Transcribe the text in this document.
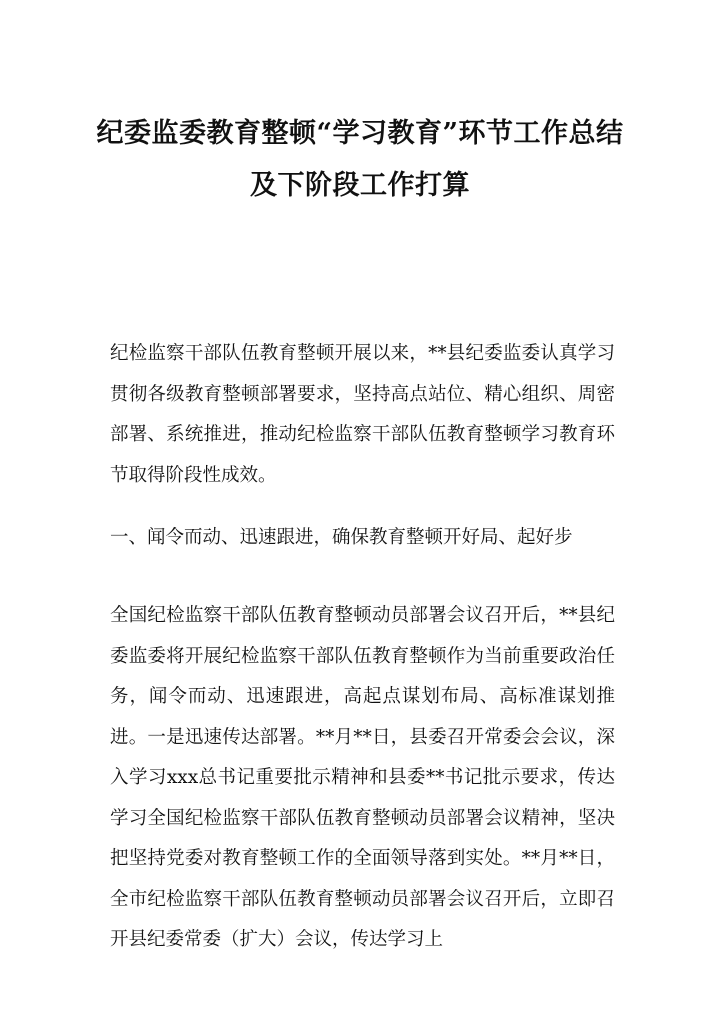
纪委监委教育整顿“学习教育”环节工作总结及下阶段工作打算
纪检监察干部队伍教育整顿开展以来，**县纪委监委认真学习贯彻各级教育整顿部署要求，坚持高点站位、精心组织、周密部署、系统推进，推动纪检监察干部队伍教育整顿学习教育环节取得阶段性成效。
一、闻令而动、迅速跟进，确保教育整顿开好局、起好步
全国纪检监察干部队伍教育整顿动员部署会议召开后，**县纪委监委将开展纪检监察干部队伍教育整顿作为当前重要政治任务，闻令而动、迅速跟进，高起点谋划布局、高标准谋划推进。一是迅速传达部署。**月**日，县委召开常委会会议，深入学习xxx总书记重要批示精神和县委**书记批示要求，传达学习全国纪检监察干部队伍教育整顿动员部署会议精神，坚决把坚持党委对教育整顿工作的全面领导落到实处。**月**日，全市纪检监察干部队伍教育整顿动员部署会议召开后，立即召开县纪委常委（扩大）会议，传达学习上
